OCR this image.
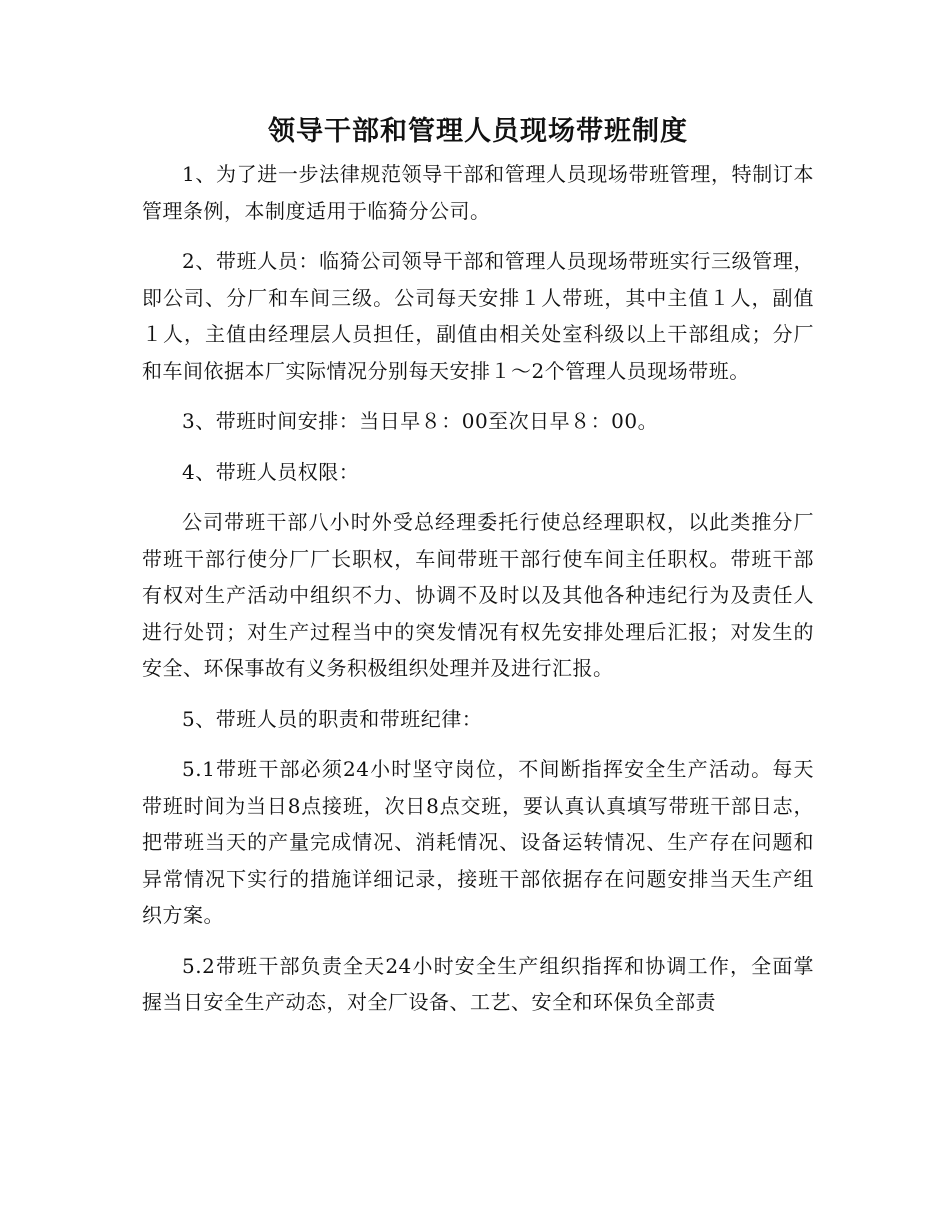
领导干部和管理人员现场带班制度

1、为了进一步法律规范领导干部和管理人员现场带班管理，特制订本管理条例，本制度适用于临猗分公司。

2、带班人员：临猗公司领导干部和管理人员现场带班实行三级管理，即公司、分厂和车间三级。公司每天安排１人带班，其中主值１人，副值１人，主值由经理层人员担任，副值由相关处室科级以上干部组成；分厂和车间依据本厂实际情况分别每天安排１～2个管理人员现场带班。

3、带班时间安排：当日早８：00至次日早８：00。

4、带班人员权限：

公司带班干部八小时外受总经理委托行使总经理职权，以此类推分厂带班干部行使分厂厂长职权，车间带班干部行使车间主任职权。带班干部有权对生产活动中组织不力、协调不及时以及其他各种违纪行为及责任人进行处罚；对生产过程当中的突发情况有权先安排处理后汇报；对发生的安全、环保事故有义务积极组织处理并及进行汇报。

5、带班人员的职责和带班纪律：

5.1带班干部必须24小时坚守岗位，不间断指挥安全生产活动。每天带班时间为当日8点接班，次日8点交班，要认真认真填写带班干部日志，把带班当天的产量完成情况、消耗情况、设备运转情况、生产存在问题和异常情况下实行的措施详细记录，接班干部依据存在问题安排当天生产组织方案。

5.2带班干部负责全天24小时安全生产组织指挥和协调工作，全面掌握当日安全生产动态，对全厂设备、工艺、安全和环保负全部责
